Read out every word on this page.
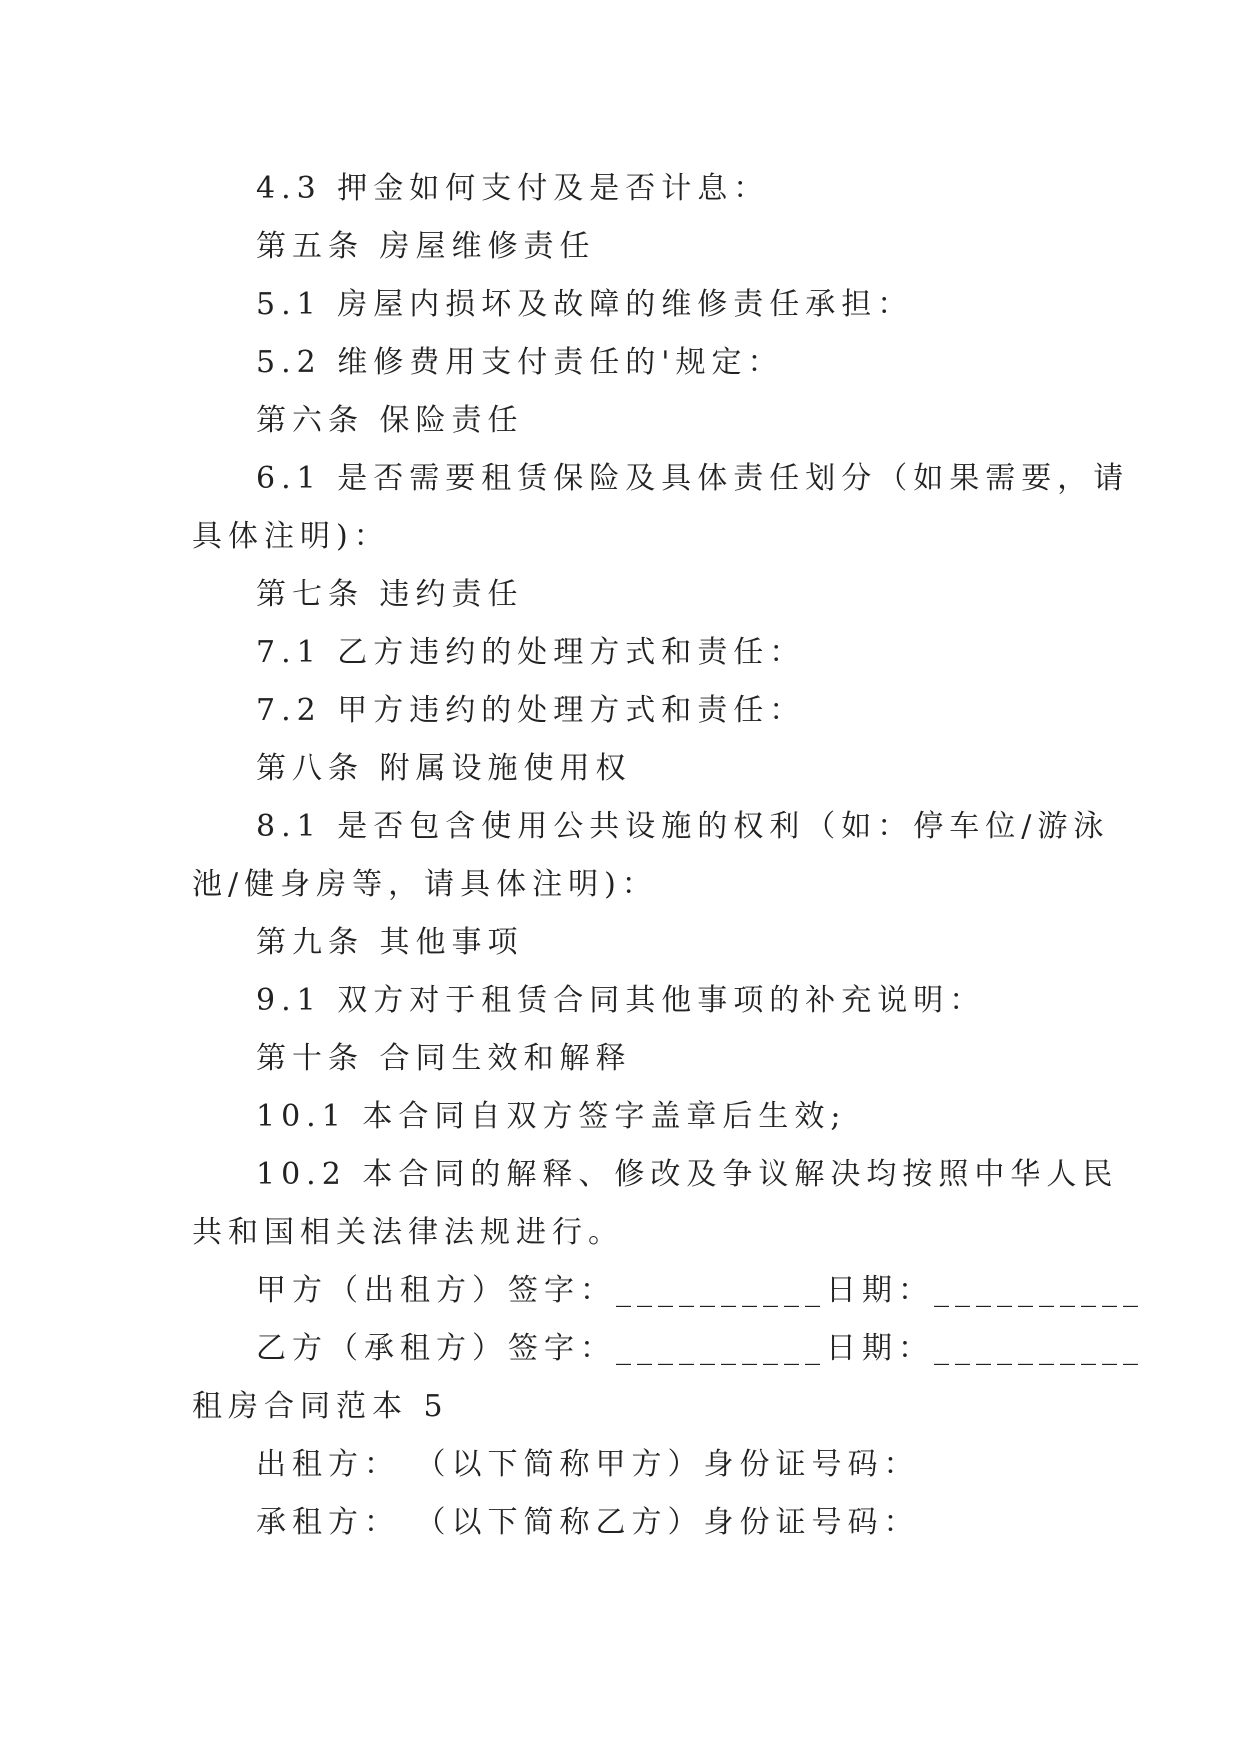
4.3 押金如何支付及是否计息：

第五条 房屋维修责任

5.1 房屋内损坏及故障的维修责任承担：

5.2 维修费用支付责任的'规定：

第六条 保险责任

6.1 是否需要租赁保险及具体责任划分（如果需要，请

具体注明)：

第七条 违约责任

7.1 乙方违约的处理方式和责任：

7.2 甲方违约的处理方式和责任：

第八条 附属设施使用权

8.1 是否包含使用公共设施的权利（如：停车位/游泳

池/健身房等，请具体注明)：

第九条 其他事项

9.1 双方对于租赁合同其他事项的补充说明：

第十条 合同生效和解释

10.1 本合同自双方签字盖章后生效;

10.2 本合同的解释、修改及争议解决均按照中华人民

共和国相关法律法规进行。

甲方（出租方）签字：__________日期：__________

乙方（承租方）签字：__________日期：__________

租房合同范本 5

出租方： （以下简称甲方）身份证号码：

承租方： （以下简称乙方）身份证号码：
